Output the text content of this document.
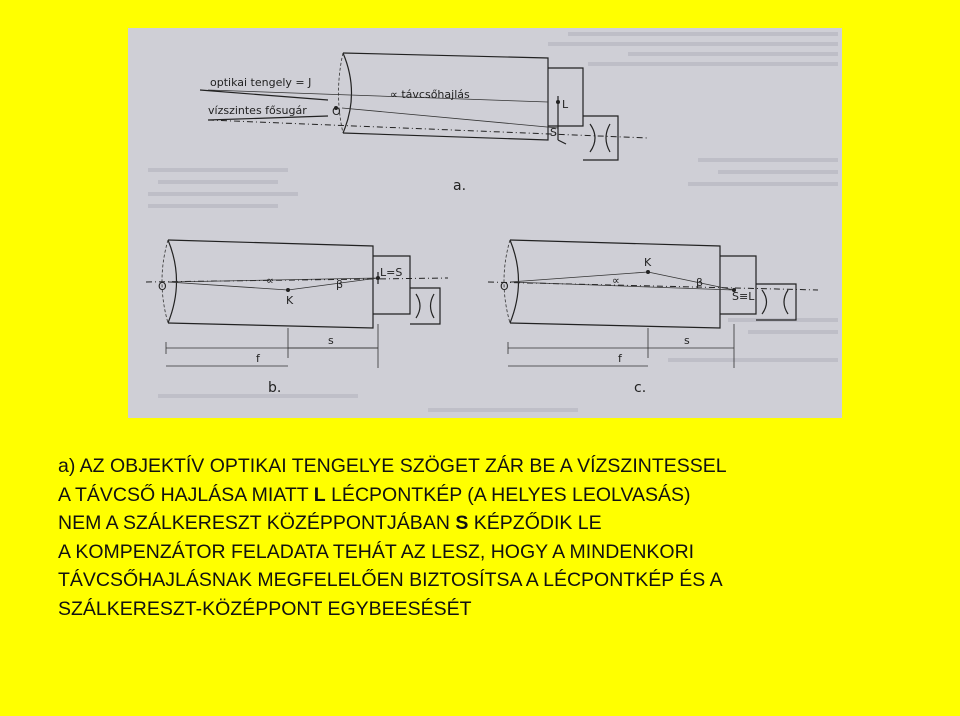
optikai tengely = J
vízszintes fősugár
∝ távcsőhajlás
O
L
S
a.
O	∝
K
β
L=S
s
f
b.
O	∝
K
β
S≡L
s
f
c.

a) AZ OBJEKTÍV OPTIKAI TENGELYE SZÖGET ZÁR BE A VÍZSZINTESSEL
A TÁVCSŐ HAJLÁSA MIATT L LÉCPONTKÉP (A HELYES LEOLVASÁS)
NEM A SZÁLKERESZT KÖZÉPPONTJÁBAN S KÉPZŐDIK LE
A KOMPENZÁTOR FELADATA TEHÁT AZ LESZ, HOGY A MINDENKORI
TÁVCSŐHAJLÁSNAK MEGFELELŐEN BIZTOSÍTSA A LÉCPONTKÉP ÉS A
SZÁLKERESZT-KÖZÉPPONT EGYBEESÉSÉT
